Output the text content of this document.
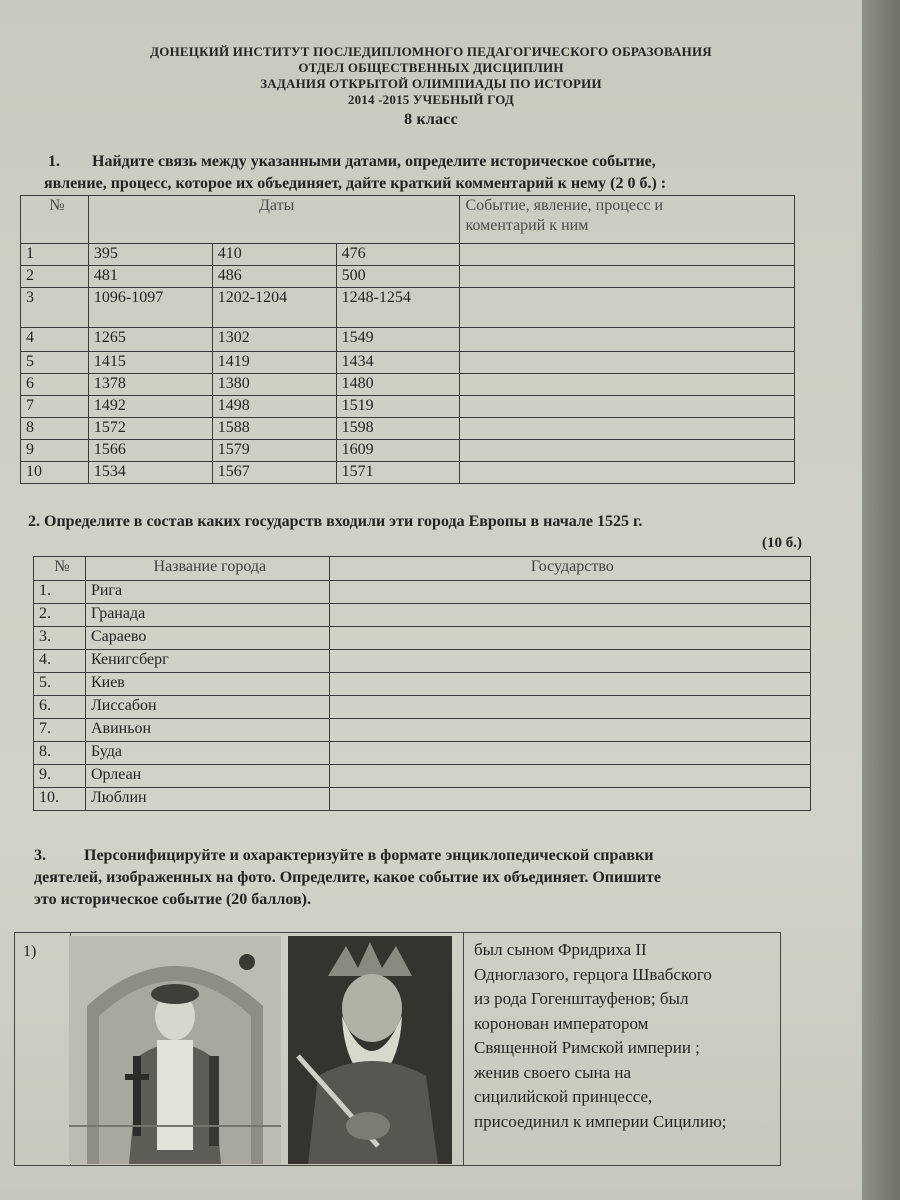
ДОНЕЦКИЙ ИНСТИТУТ ПОСЛЕДИПЛОМНОГО ПЕДАГОГИЧЕСКОГО ОБРАЗОВАНИЯ
ОТДЕЛ ОБЩЕСТВЕННЫХ ДИСЦИПЛИН
ЗАДАНИЯ ОТКРЫТОЙ ОЛИМПИАДЫ ПО ИСТОРИИ
2014 -2015 УЧЕБНЫЙ ГОД
8 класс
1. Найдите связь между указанными датами, определите историческое событие,
явление, процесс, которое их объединяет, дайте краткий комментарий к нему (2 0 б.) :
№	Даты			Событие, явление, процесс и
коментарий к ним

1	395	410	476	
2	481	486	500	
3	1096-1097	1202-1204	1248-1254	
4	1265	1302	1549	
5	1415	1419	1434	
6	1378	1380	1480	
7	1492	1498	1519	
8	1572	1588	1598	
9	1566	1579	1609	
10	1534	1567	1571	
2. Определите в состав каких государств входили эти города Европы в начале 1525 г.
(10 б.)
№	Название города	Государство
1.	Рига	
2.	Гранада	
3.	Сараево	
4.	Кенигсберг	
5.	Киев	
6.	Лиссабон	
7.	Авиньон	
8.	Буда	
9.	Орлеан	
10.	Люблин	
3. Персонифицируйте и охарактеризуйте в формате энциклопедической справки
деятелей, изображенных на фото. Определите, какое событие их объединяет. Опишите
это историческое событие (20 баллов).
1)	был сыном Фридриха II
Одноглазого, герцога Швабского
из рода Гогенштауфенов; был
коронован императором
Священной Римской империи ;
женив своего сына на
сицилийской принцессе,
присоединил к империи Сицилию;
